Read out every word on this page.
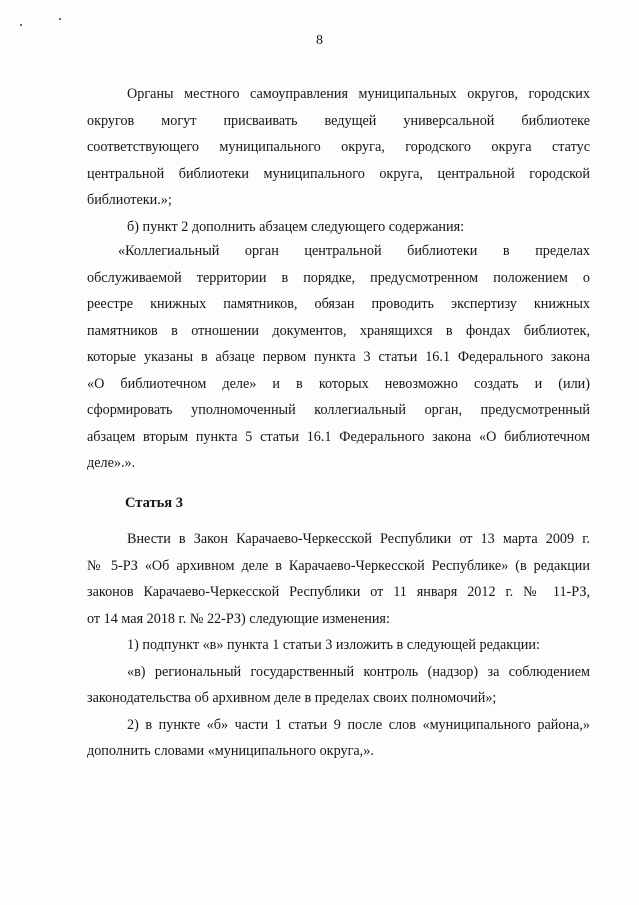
8
Органы местного самоуправления муниципальных округов, городских
округов могут присваивать ведущей универсальной библиотеке
соответствующего муниципального округа, городского округа статус
центральной библиотеки муниципального округа, центральной городской
библиотеки.»;
б) пункт 2 дополнить абзацем следующего содержания:
«Коллегиальный орган центральной библиотеки в пределах
обслуживаемой территории в порядке, предусмотренном положением о
реестре книжных памятников, обязан проводить экспертизу книжных
памятников в отношении документов, хранящихся в фондах библиотек,
которые указаны в абзаце первом пункта 3 статьи 16.1 Федерального закона
«О библиотечном деле» и в которых невозможно создать и (или)
сформировать уполномоченный коллегиальный орган, предусмотренный
абзацем вторым пункта 5 статьи 16.1 Федерального закона «О библиотечном
деле».».
Статья 3
Внести в Закон Карачаево-Черкесской Республики от 13 марта 2009 г.
№ 5-РЗ «Об архивном деле в Карачаево-Черкесской Республике» (в редакции
законов Карачаево-Черкесской Республики от 11 января 2012 г. № 11-РЗ,
от 14 мая 2018 г. № 22-РЗ) следующие изменения:
1) подпункт «в» пункта 1 статьи 3 изложить в следующей редакции:
«в) региональный государственный контроль (надзор) за соблюдением
законодательства об архивном деле в пределах своих полномочий»;
2) в пункте «б» части 1 статьи 9 после слов «муниципального района,»
дополнить словами «муниципального округа,».
